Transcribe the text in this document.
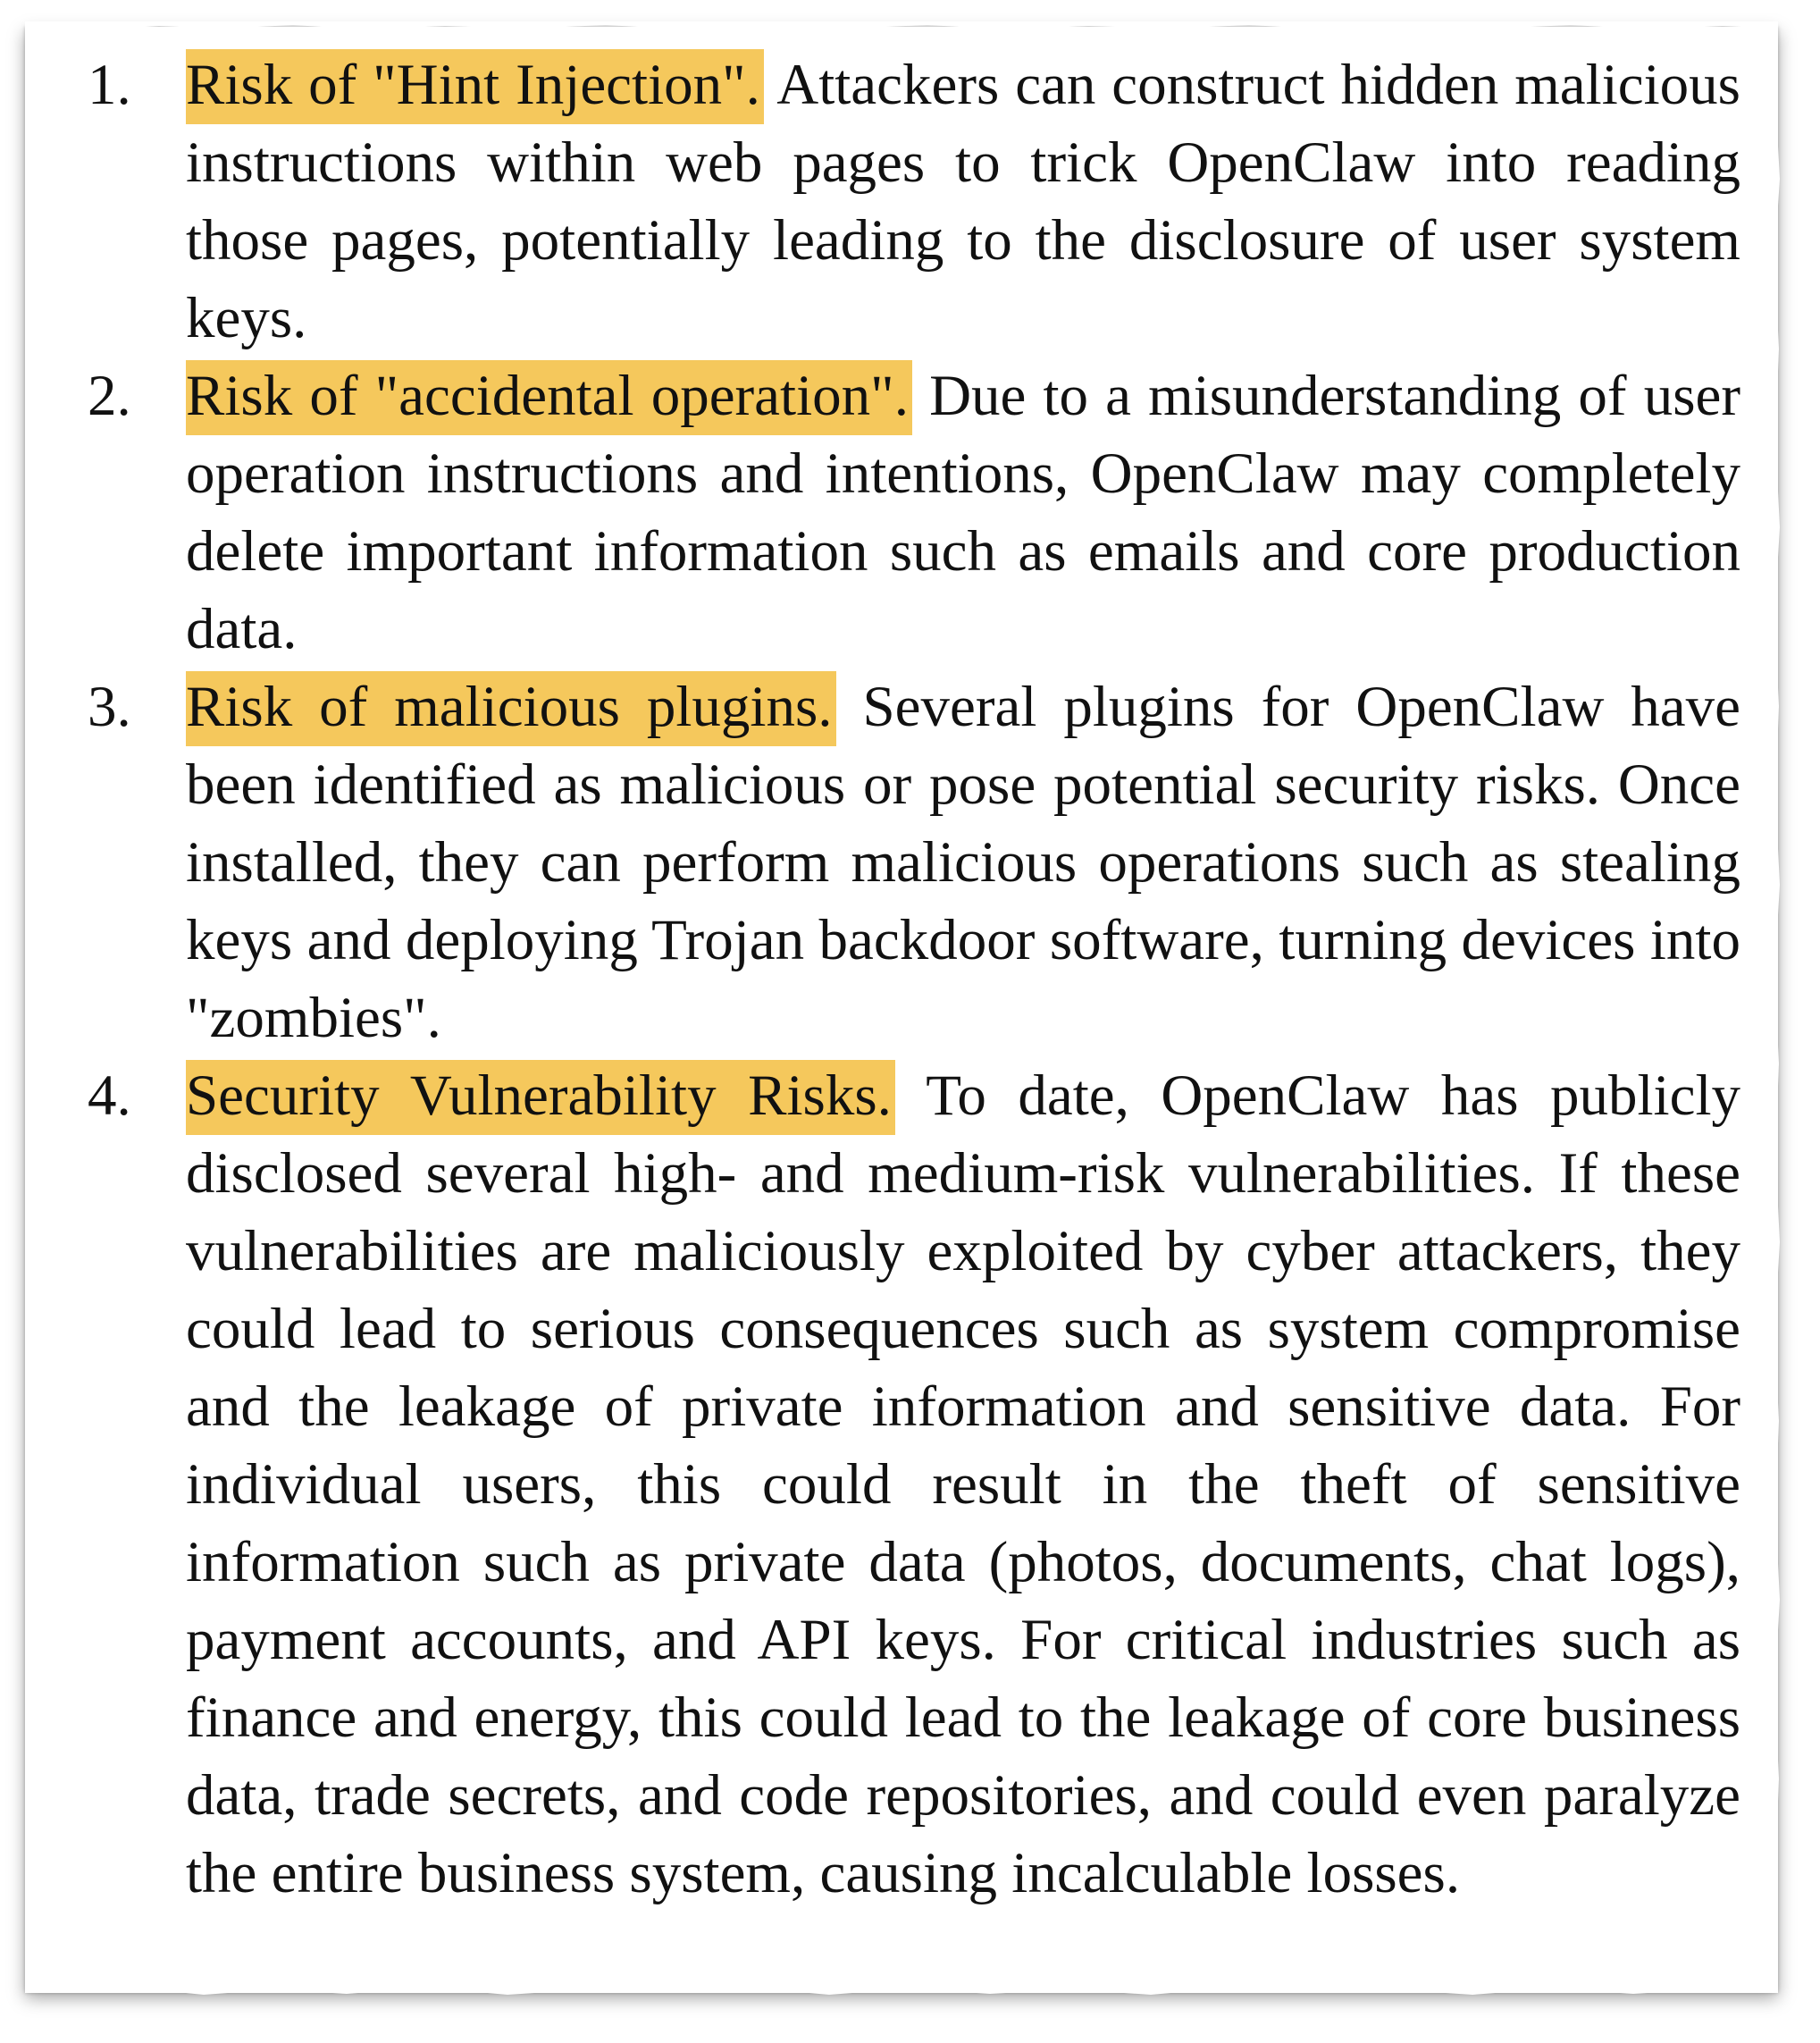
1. Risk of "Hint Injection". Attackers can construct hidden malicious instructions within web pages to trick OpenClaw into reading those pages, potentially leading to the disclosure of user system keys.
2. Risk of "accidental operation". Due to a misunderstanding of user operation instructions and intentions, OpenClaw may completely delete important information such as emails and core production data.
3. Risk of malicious plugins. Several plugins for OpenClaw have been identified as malicious or pose potential security risks. Once installed, they can perform malicious operations such as stealing keys and deploying Trojan backdoor software, turning devices into "zombies".
4. Security Vulnerability Risks. To date, OpenClaw has publicly disclosed several high- and medium-risk vulnerabilities. If these vulnerabilities are maliciously exploited by cyber attackers, they could lead to serious consequences such as system compromise and the leakage of private information and sensitive data. For individual users, this could result in the theft of sensitive information such as private data (photos, documents, chat logs), payment accounts, and API keys. For critical industries such as finance and energy, this could lead to the leakage of core business data, trade secrets, and code repositories, and could even paralyze the entire business system, causing incalculable losses.
